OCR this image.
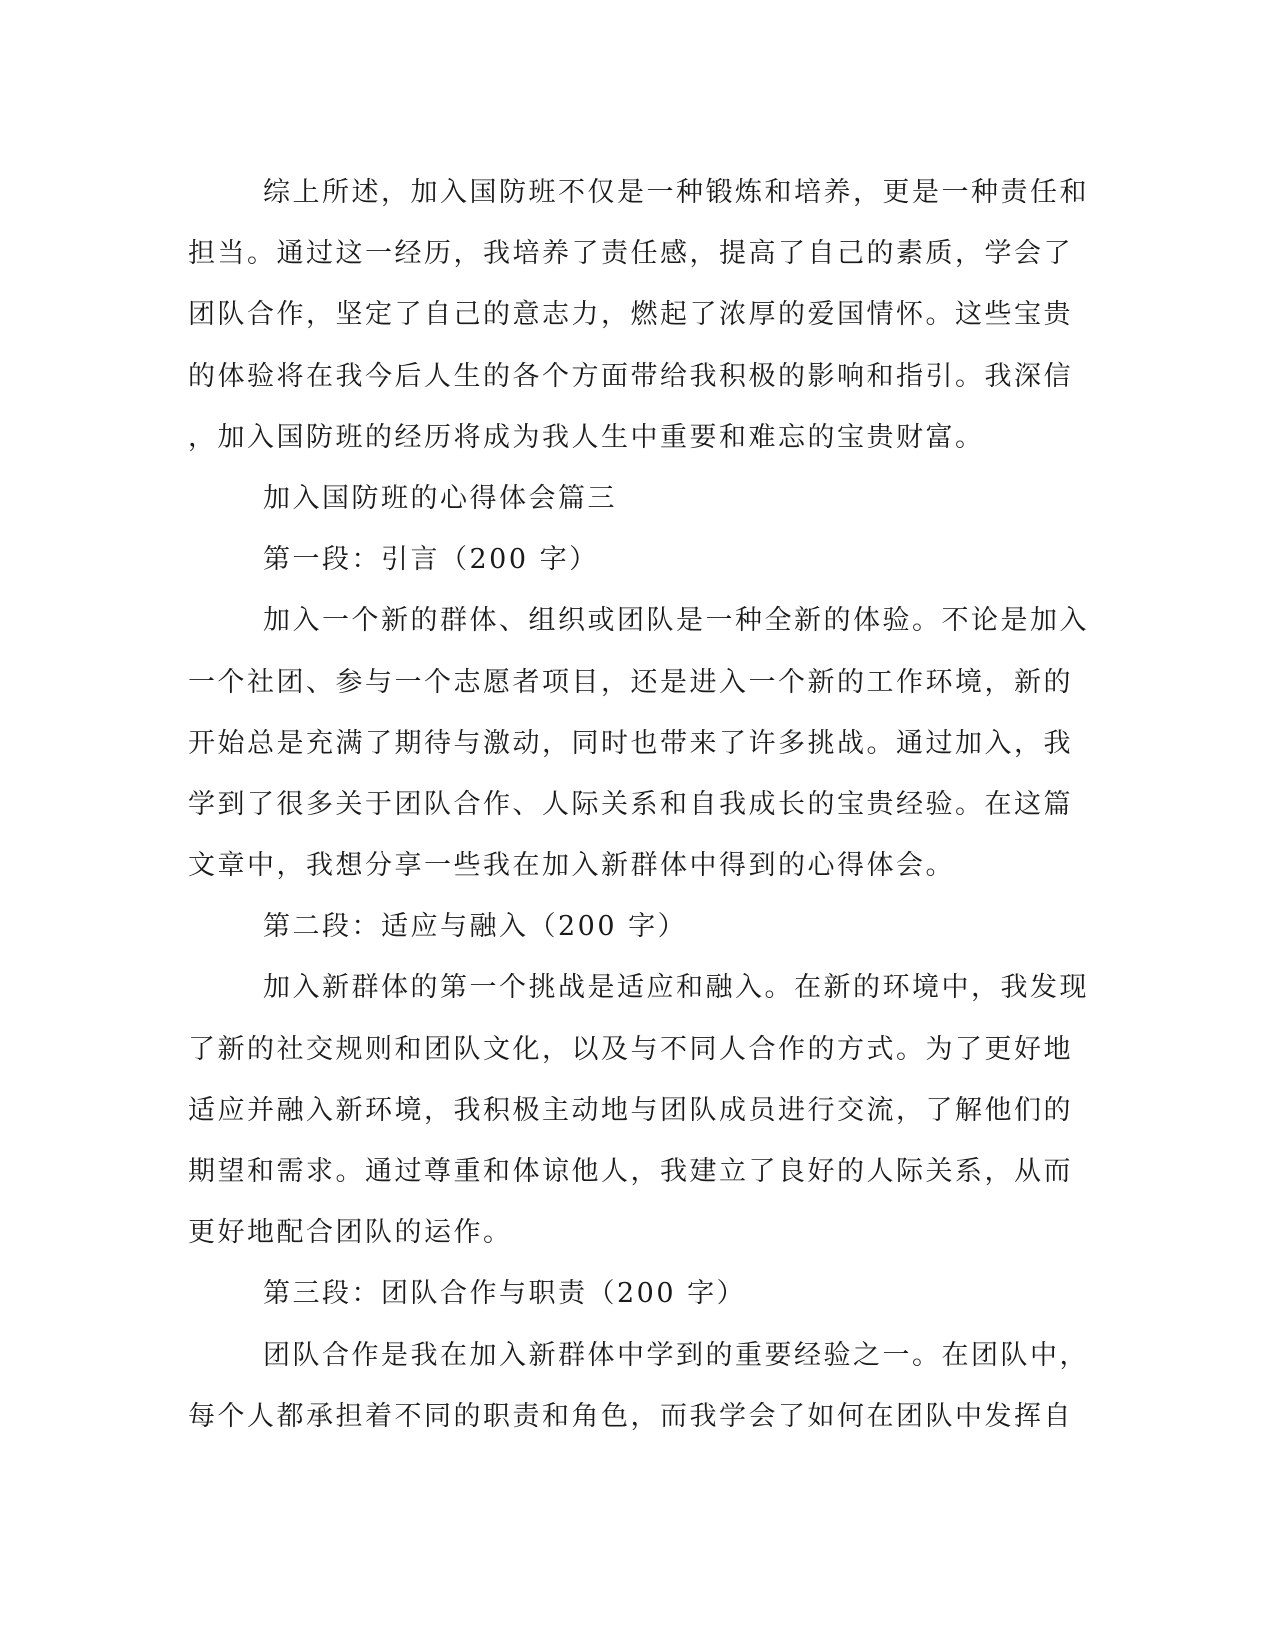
综上所述，加入国防班不仅是一种锻炼和培养，更是一种责任和
担当。通过这一经历，我培养了责任感，提高了自己的素质，学会了
团队合作，坚定了自己的意志力，燃起了浓厚的爱国情怀。这些宝贵
的体验将在我今后人生的各个方面带给我积极的影响和指引。我深信
，加入国防班的经历将成为我人生中重要和难忘的宝贵财富。
加入国防班的心得体会篇三
第一段：引言（200 字）
加入一个新的群体、组织或团队是一种全新的体验。不论是加入
一个社团、参与一个志愿者项目，还是进入一个新的工作环境，新的
开始总是充满了期待与激动，同时也带来了许多挑战。通过加入，我
学到了很多关于团队合作、人际关系和自我成长的宝贵经验。在这篇
文章中，我想分享一些我在加入新群体中得到的心得体会。
第二段：适应与融入（200 字）
加入新群体的第一个挑战是适应和融入。在新的环境中，我发现
了新的社交规则和团队文化，以及与不同人合作的方式。为了更好地
适应并融入新环境，我积极主动地与团队成员进行交流，了解他们的
期望和需求。通过尊重和体谅他人，我建立了良好的人际关系，从而
更好地配合团队的运作。
第三段：团队合作与职责（200 字）
团队合作是我在加入新群体中学到的重要经验之一。在团队中，
每个人都承担着不同的职责和角色，而我学会了如何在团队中发挥自
